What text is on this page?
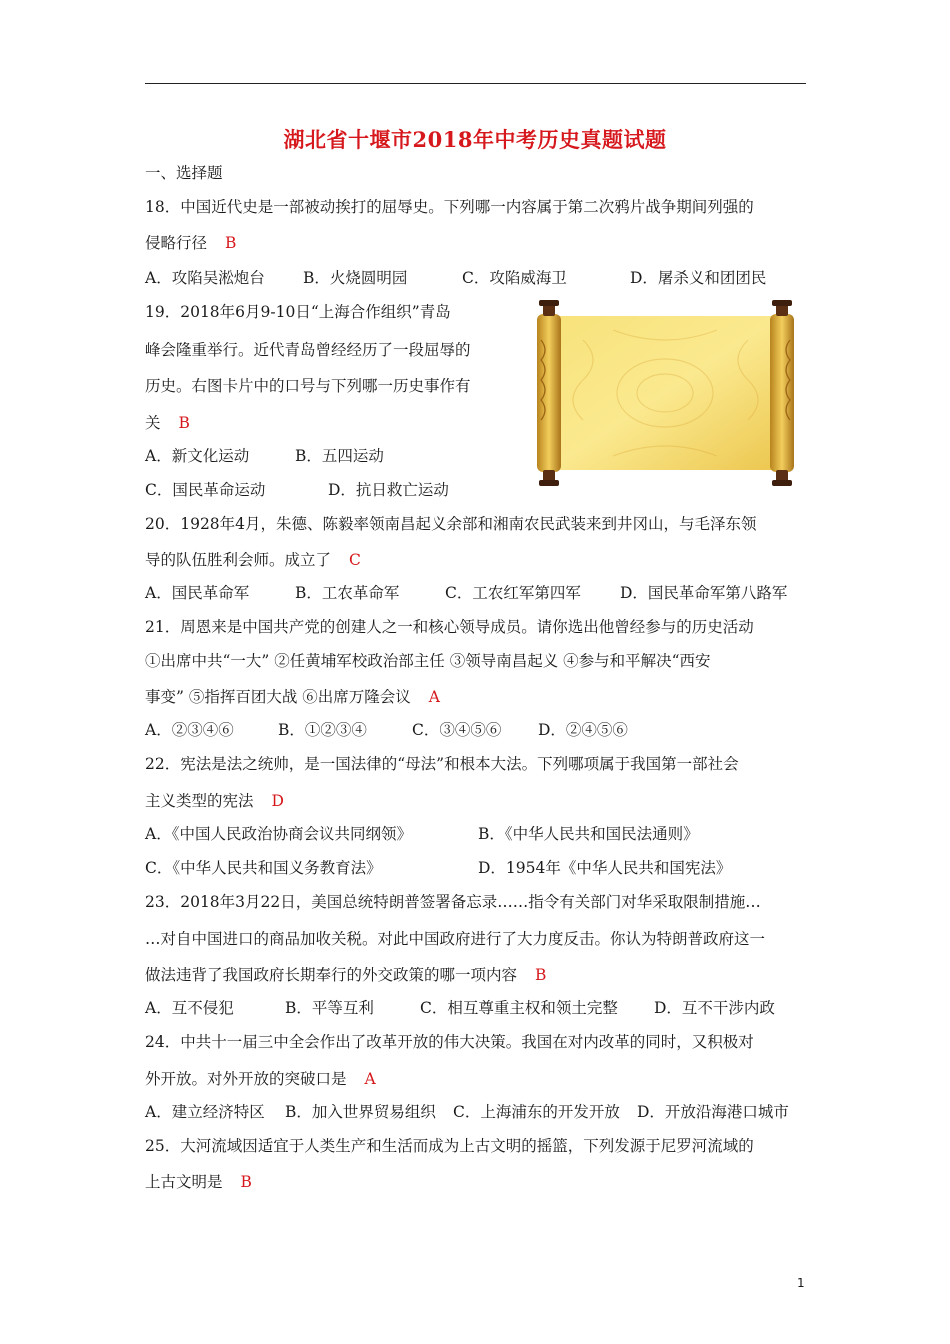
湖北省十堰市2018年中考历史真题试题
一、选择题
18．中国近代史是一部被动挨打的屈辱史。下列哪一内容属于第二次鸦片战争期间列强的
侵略行径 B
A．攻陷吴淞炮台 B．火烧圆明园	C．攻陷威海卫	D．屠杀义和团团民
19．2018年6月9-10日“上海合作组织”青岛
峰会隆重举行。近代青岛曾经经历了一段屈辱的
历史。右图卡片中的口号与下列哪一历史事作有
关 B
A．新文化运动	B．五四运动
C．国民革命运动	D．抗日救亡运动
20．1928年4月，朱德、陈毅率领南昌起义余部和湘南农民武装来到井冈山，与毛泽东领
导的队伍胜利会师。成立了 C
A．国民革命军	B．工农革命军	C．工农红军第四军	D．国民革命军第八路军
21．周恩来是中国共产党的创建人之一和核心领导成员。请你选出他曾经参与的历史活动
①出席中共“一大” ②任黄埔军校政治部主任 ③领导南昌起义 ④参与和平解决“西安
事变” ⑤指挥百团大战 ⑥出席万隆会议 A
A．②③④⑥	B．①②③④	C．③④⑤⑥ D．②④⑤⑥
22．宪法是法之统帅，是一国法律的“母法”和根本大法。下列哪项属于我国第一部社会
主义类型的宪法 D
A．《中国人民政治协商会议共同纲领》	B．《中华人民共和国民法通则》
C．《中华人民共和国义务教育法》	D．1954年《中华人民共和国宪法》
23．2018年3月22日，美国总统特朗普签署备忘录……指令有关部门对华采取限制措施…
…对自中国进口的商品加收关税。对此中国政府进行了大力度反击。你认为特朗普政府这一
做法违背了我国政府长期奉行的外交政策的哪一项内容 B
A．互不侵犯	B．平等互利	C．相互尊重主权和领土完整 D．互不干涉内政
24．中共十一届三中全会作出了改革开放的伟大决策。我国在对内改革的同时，又积极对
外开放。对外开放的突破口是 A
A．建立经济特区 B．加入世界贸易组织 C．上海浦东的开发开放 D．开放沿海港口城市
25．大河流域因适宜于人类生产和生活而成为上古文明的摇篮，下列发源于尼罗河流域的
上古文明是 B
1
